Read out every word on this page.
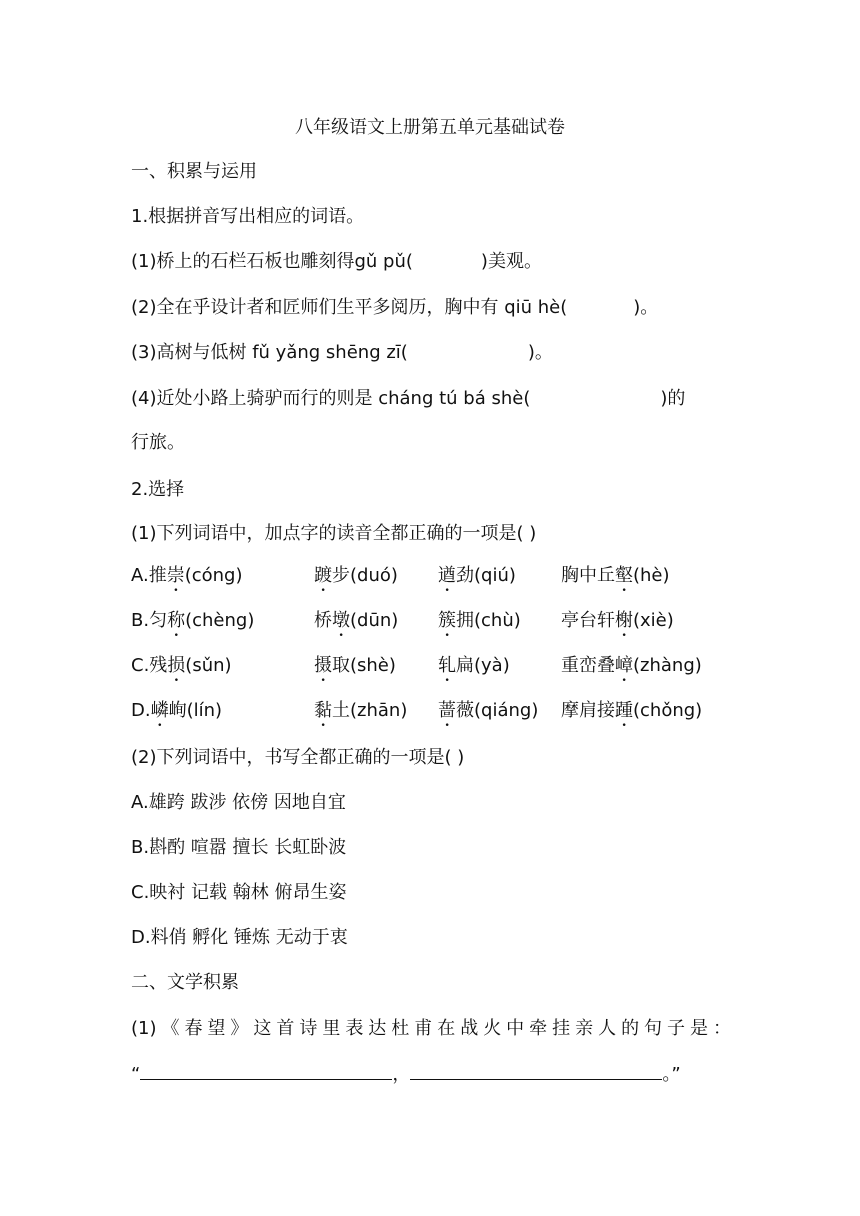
八年级语文上册第五单元基础试卷
一、积累与运用
1.根据拼音写出相应的词语。
(1)桥上的石栏石板也雕刻得gǔ pǔ(	)美观。
(2)全在乎设计者和匠师们生平多阅历，胸中有 qiū hè(	)。
(3)高树与低树 fǔ yǎng shēng zī(	)。
(4)近处小路上骑驴而行的则是 cháng tú bá shè(	)的
行旅。
2.选择
(1)下列词语中，加点字的读音全都正确的一项是( )
A.推崇(cóng)	踱步(duó) 遒劲(qiú)	胸中丘壑(hè)
B.匀称(chèng)	桥墩(dūn) 簇拥(chù) 亭台轩榭(xiè)
C.残损(sǔn)	摄取(shè) 轧扁(yà)	重峦叠嶂(zhàng)
D.嶙峋(lín)	黏土(zhān) 蔷薇(qiáng) 摩肩接踵(chǒng)
(2)下列词语中，书写全都正确的一项是( )
A.雄跨 跋涉 依傍 因地自宜
B.斟酌 喧嚣 擅长 长虹卧波
C.映衬 记载 翰林 俯昂生姿
D.料俏 孵化 锤炼 无动于衷
二、文学积累
(1)《春望》这首诗里表达杜甫在战火中牵挂亲人的句子是：
“	，	。”
